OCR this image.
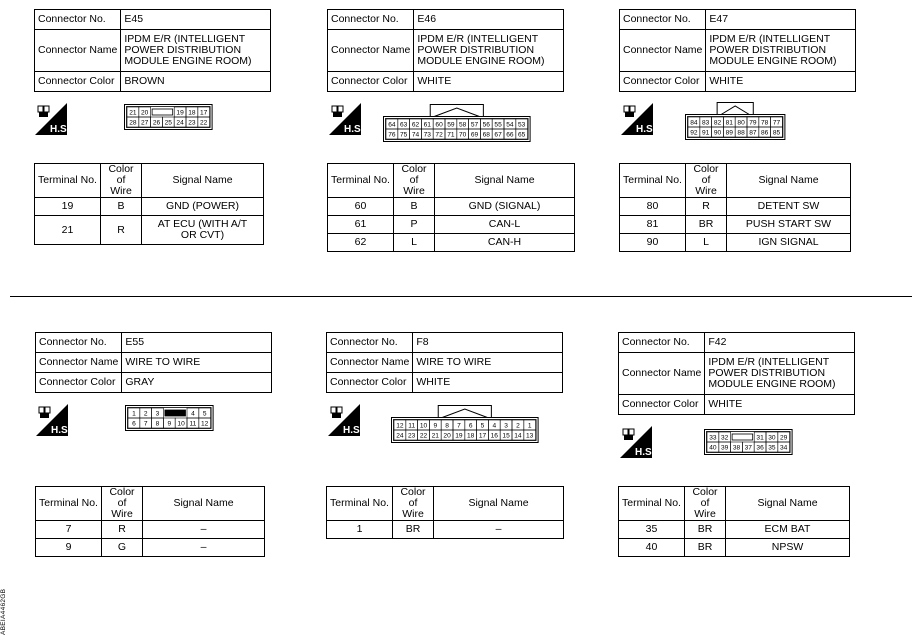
Connector No.	E45
Connector Name	IPDM E/R (INTELLIGENT
POWER DISTRIBUTION
MODULE ENGINE ROOM)

Connector Color	BROWN
H.S.
21 20	19 18 17
28 27 26 25 24 23 22
Terminal No.	Color of
Wire	Signal Name
19	B	GND (POWER)
21	R	AT ECU (WITH A/T
OR CVT)
Connector No.	E46
Connector Name	IPDM E/R (INTELLIGENT
POWER DISTRIBUTION
MODULE ENGINE ROOM)

Connector Color	WHITE
H.S.	64 63 62 61 60 59 58 57 56 55 54 53
76 75 74 73 72 71 70 69 68 67 66 65
Terminal No.	Color of
Wire	Signal Name
60	B	GND (SIGNAL)
61	P	CAN-L
62	L	CAN-H
Connector No.	E47
Connector Name	IPDM E/R (INTELLIGENT
POWER DISTRIBUTION
MODULE ENGINE ROOM)

Connector Color	WHITE
H.S.
84 83 82 81 80 79 78 77
92 91 90 89 88 87 86 85
Terminal No.	Color of
Wire	Signal Name
80	R	DETENT SW
81	BR	PUSH START SW
90	L	IGN SIGNAL
Connector No.	E55
Connector Name	WIRE TO WIRE
Connector Color	GRAY
H.S.
1 2 3	4 5
6 7 8 9 10 11 12
Terminal No.	Color of
Wire	Signal Name
7	R	–
9	G	–
Connector No.	F8
Connector Name	WIRE TO WIRE
Connector Color	WHITE
H.S.	12 11 10 9 8 7 6 5 4 3 2 1
24 23 22 21 20 19 18 17 16 15 14 13
Terminal No.	Color of
Wire	Signal Name
1	BR	–
Connector No.	F42
Connector Name	IPDM E/R (INTELLIGENT
POWER DISTRIBUTION
MODULE ENGINE ROOM)

Connector Color	WHITE
H.S.
33 32	31 30 29
40 39 38 37 36 35 34
Terminal No.	Color of
Wire	Signal Name
35	BR	ECM BAT
40	BR	NPSW
ABEIA4462GB
